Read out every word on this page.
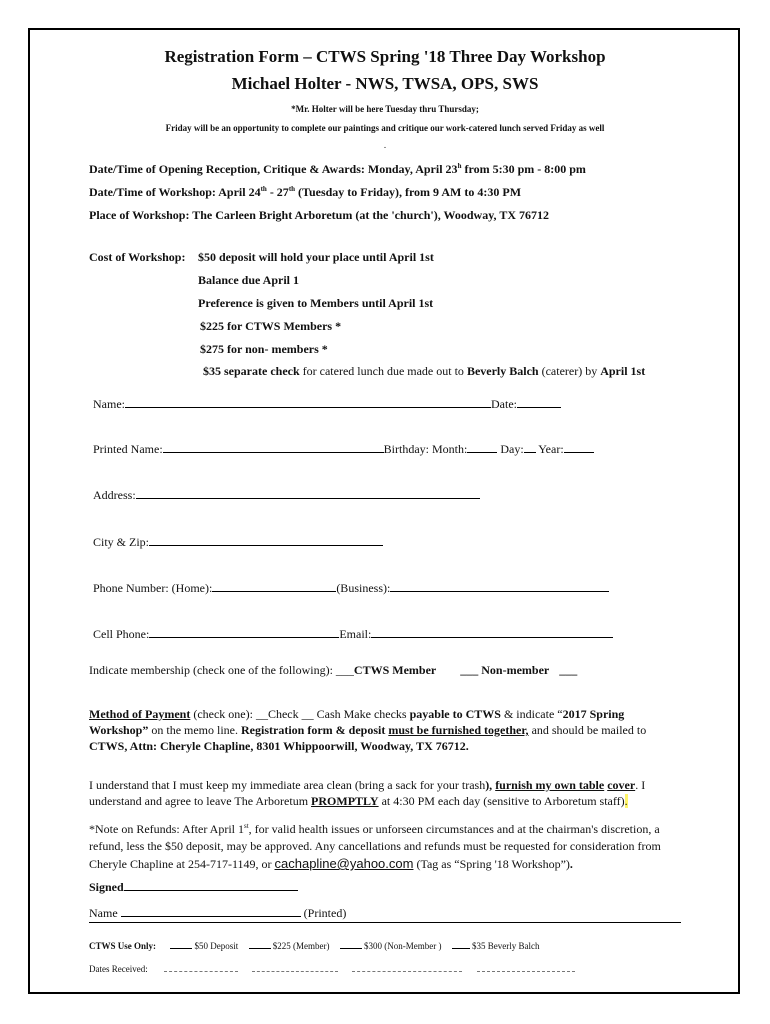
Registration Form – CTWS Spring '18 Three Day Workshop
Michael Holter - NWS, TWSA, OPS, SWS
*Mr. Holter will be here Tuesday thru Thursday;
Friday will be an opportunity to complete our paintings and critique our work-catered lunch served Friday as well
.
Date/Time of Opening Reception, Critique & Awards: Monday, April 23$^h$ from 5:30 pm - 8:00 pm
Date/Time of Workshop: April 24th - 27th (Tuesday to Friday), from 9 AM to 4:30 PM
Place of Workshop: The Carleen Bright Arboretum (at the 'church'), Woodway, TX 76712
Cost of Workshop: $50 deposit will hold your place until April 1st
Balance due April 1
Preference is given to Members until April 1st
$225 for CTWS Members *
$275 for non- members *
$35 separate check for catered lunch due made out to Beverly Balch (caterer) by April 1st
Name:	Date:
Printed Name:	Birthday: Month:	Day: Year:
Address:
City & Zip:
Phone Number: (Home):	(Business):
Cell Phone:	Email:
Indicate membership (check one of the following): ___CTWS Member ___ Non-member ___
Method of Payment (check one): __Check __ Cash Make checks payable to CTWS & indicate “2017 Spring Workshop” on the memo line. Registration form & deposit must be furnished together, and should be mailed to CTWS, Attn: Cheryle Chapline, 8301 Whippoorwill, Woodway, TX 76712.
I understand that I must keep my immediate area clean (bring a sack for your trash), furnish my own table cover. I understand and agree to leave The Arboretum PROMPTLY at 4:30 PM each day (sensitive to Arboretum staff).
*Note on Refunds: After April 1st, for valid health issues or unforseen circumstances and at the chairman's discretion, a refund, less the $50 deposit, may be approved. Any cancellations and refunds must be requested for consideration from Cheryle Chapline at 254-717-1149, or cachapline@yahoo.com (Tag as “Spring '18 Workshop”).
Signed
Name	(Printed)
CTWS Use Only:	$50 Deposit	$225 (Member)	$300 (Non-Member )	$35 Beverly Balch
Dates Received:
